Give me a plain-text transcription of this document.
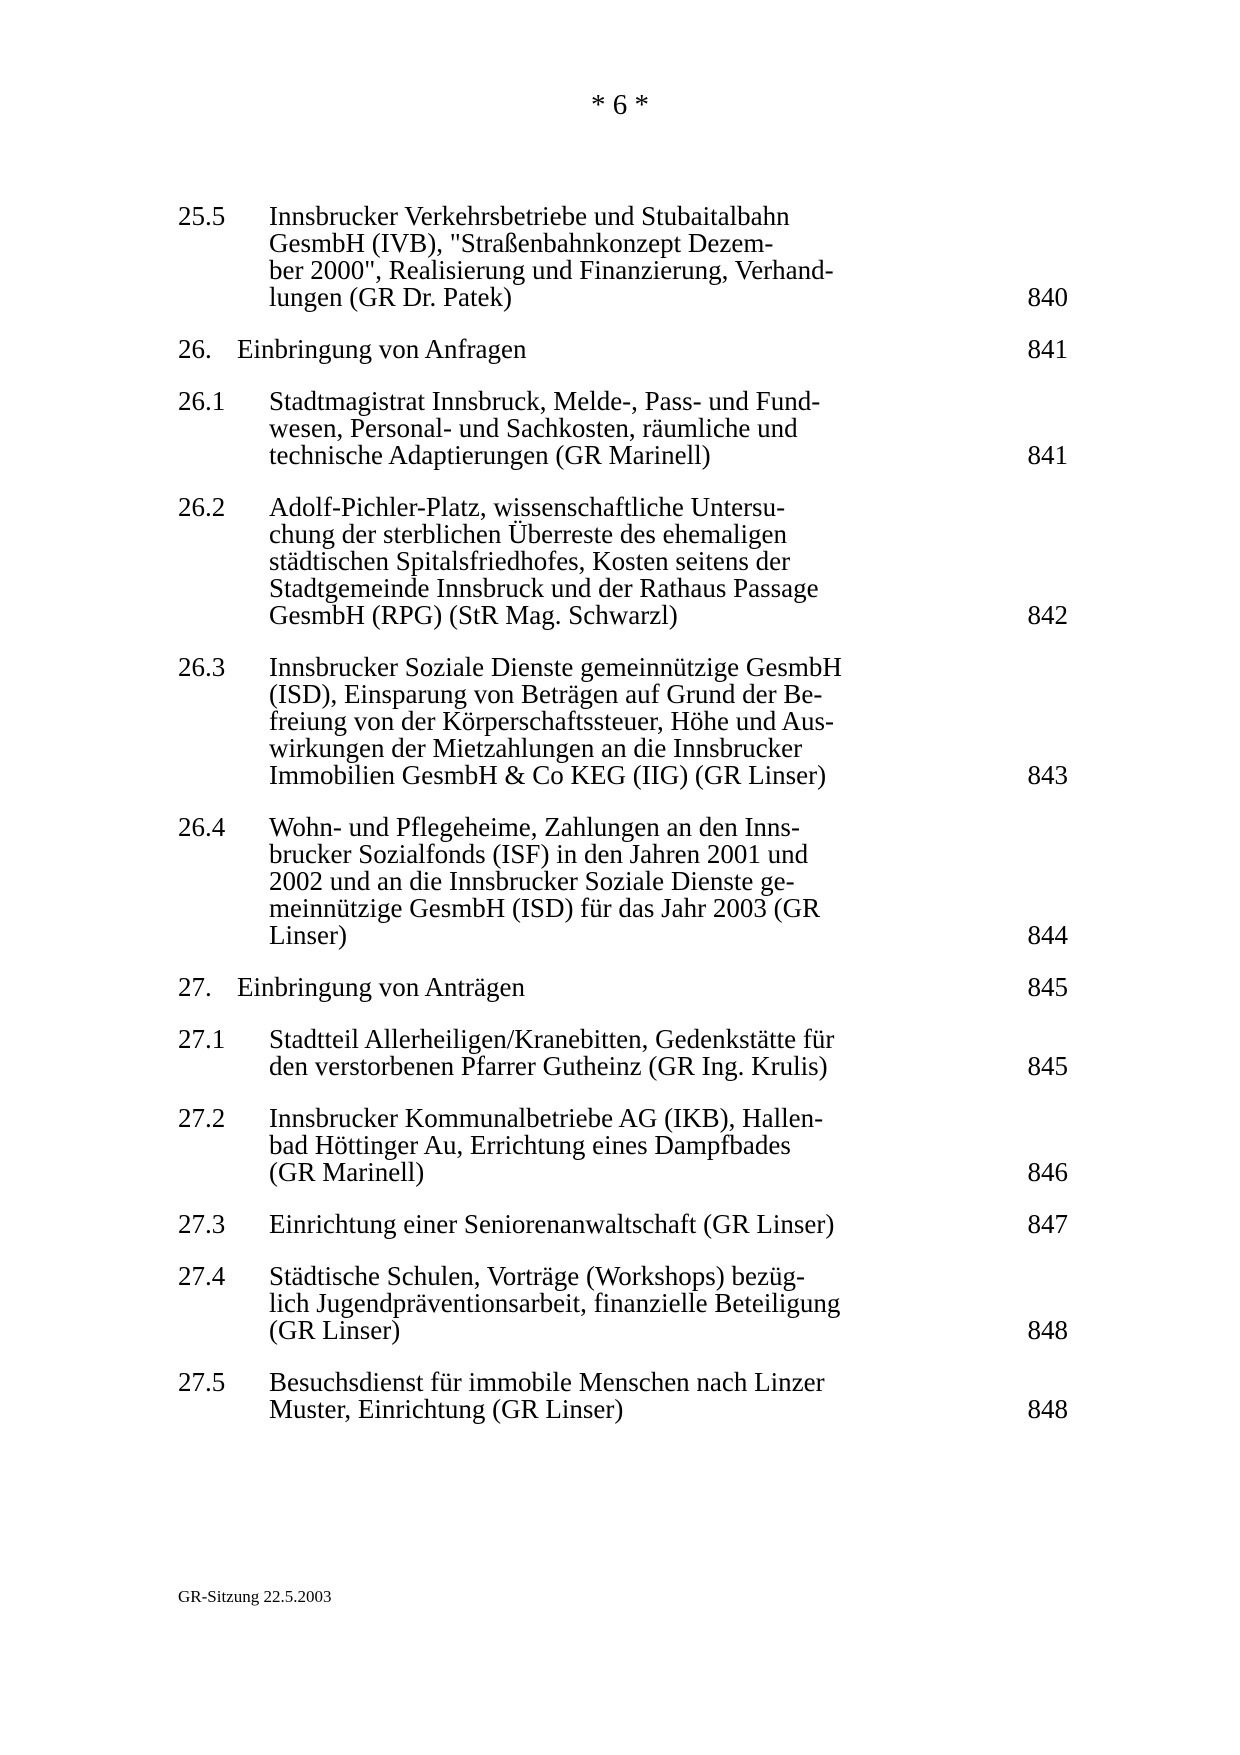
* 6 *
25.5 Innsbrucker Verkehrsbetriebe und Stubaitalbahn
GesmbH (IVB), "Straßenbahnkonzept Dezem-
ber 2000", Realisierung und Finanzierung, Verhand-
lungen (GR Dr. Patek)	840
26. Einbringung von Anfragen	841
26.1 Stadtmagistrat Innsbruck, Melde-, Pass- und Fund-
wesen, Personal- und Sachkosten, räumliche und
technische Adaptierungen (GR Marinell)	841
26.2 Adolf-Pichler-Platz, wissenschaftliche Untersu-
chung der sterblichen Überreste des ehemaligen
städtischen Spitalsfriedhofes, Kosten seitens der
Stadtgemeinde Innsbruck und der Rathaus Passage
GesmbH (RPG) (StR Mag. Schwarzl)	842
26.3 Innsbrucker Soziale Dienste gemeinnützige GesmbH
(ISD), Einsparung von Beträgen auf Grund der Be-
freiung von der Körperschaftssteuer, Höhe und Aus-
wirkungen der Mietzahlungen an die Innsbrucker
Immobilien GesmbH & Co KEG (IIG) (GR Linser)	843
26.4 Wohn- und Pflegeheime, Zahlungen an den Inns-
brucker Sozialfonds (ISF) in den Jahren 2001 und
2002 und an die Innsbrucker Soziale Dienste ge-
meinnützige GesmbH (ISD) für das Jahr 2003 (GR
Linser)	844
27. Einbringung von Anträgen	845
27.1 Stadtteil Allerheiligen/Kranebitten, Gedenkstätte für
den verstorbenen Pfarrer Gutheinz (GR Ing. Krulis)	845
27.2 Innsbrucker Kommunalbetriebe AG (IKB), Hallen-
bad Höttinger Au, Errichtung eines Dampfbades
(GR Marinell)	846
27.3 Einrichtung einer Seniorenanwaltschaft (GR Linser)	847
27.4 Städtische Schulen, Vorträge (Workshops) bezüg-
lich Jugendpräventionsarbeit, finanzielle Beteiligung
(GR Linser)	848
27.5 Besuchsdienst für immobile Menschen nach Linzer
Muster, Einrichtung (GR Linser)	848
GR-Sitzung 22.5.2003
